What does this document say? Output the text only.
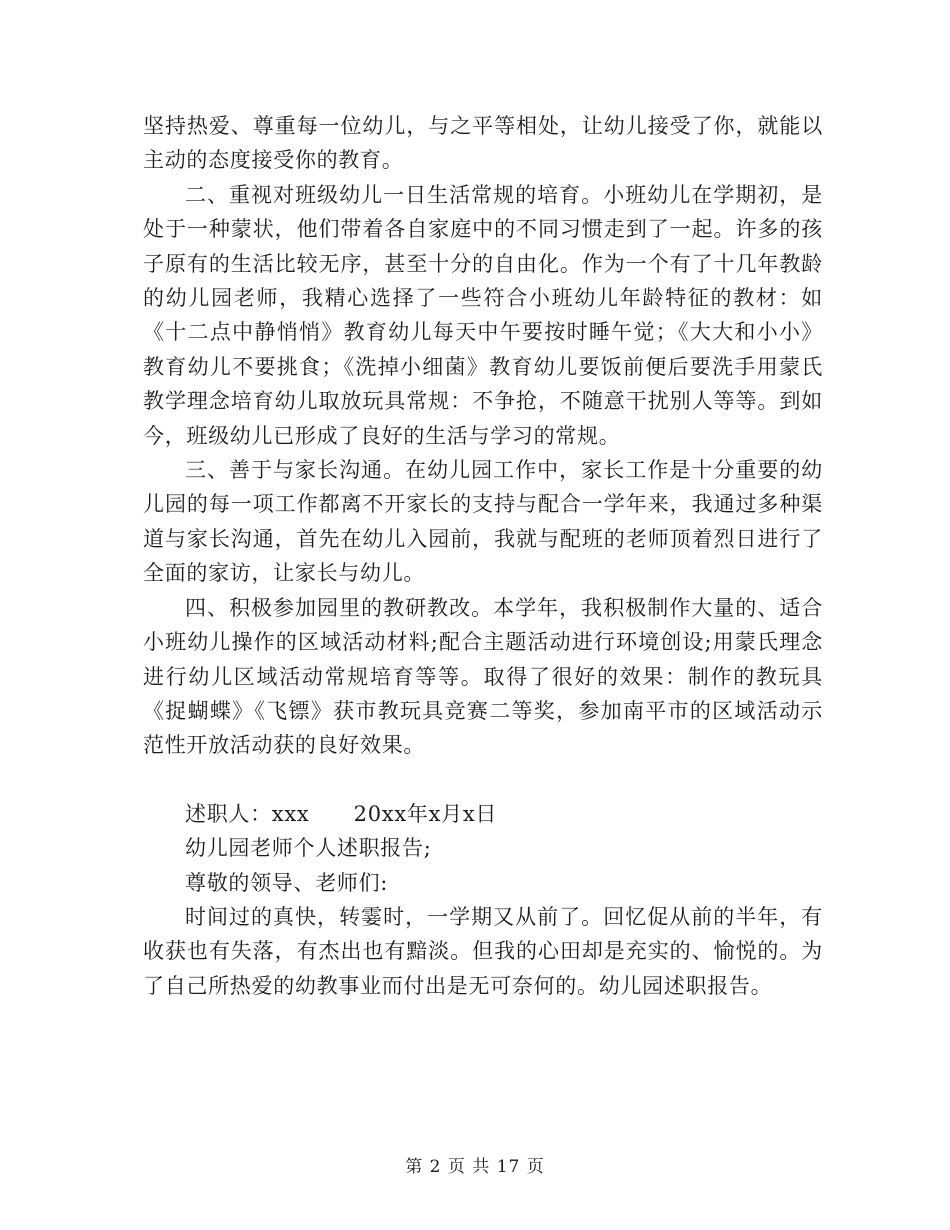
坚持热爱、尊重每一位幼儿，与之平等相处，让幼儿接受了你，就能以主动的态度接受你的教育。

二、重视对班级幼儿一日生活常规的培育。小班幼儿在学期初，是处于一种蒙状，他们带着各自家庭中的不同习惯走到了一起。许多的孩子原有的生活比较无序，甚至十分的自由化。作为一个有了十几年教龄的幼儿园老师，我精心选择了一些符合小班幼儿年龄特征的教材：如《十二点中静悄悄》教育幼儿每天中午要按时睡午觉；《大大和小小》教育幼儿不要挑食；《洗掉小细菌》教育幼儿要饭前便后要洗手用蒙氏教学理念培育幼儿取放玩具常规：不争抢，不随意干扰别人等等。到如今，班级幼儿已形成了良好的生活与学习的常规。

三、善于与家长沟通。在幼儿园工作中，家长工作是十分重要的幼儿园的每一项工作都离不开家长的支持与配合一学年来，我通过多种渠道与家长沟通，首先在幼儿入园前，我就与配班的老师顶着烈日进行了全面的家访，让家长与幼儿。

四、积极参加园里的教研教改。本学年，我积极制作大量的、适合小班幼儿操作的区域活动材料;配合主题活动进行环境创设;用蒙氏理念进行幼儿区域活动常规培育等等。取得了很好的效果：制作的教玩具《捉蝴蝶》《飞镖》获市教玩具竞赛二等奖，参加南平市的区域活动示范性开放活动获的良好效果。

述职人：xxx      20xx年x月x日

幼儿园老师个人述职报告;

尊敬的领导、老师们:

时间过的真快，转霎时，一学期又从前了。回忆促从前的半年，有收获也有失落，有杰出也有黯淡。但我的心田却是充实的、愉悦的。为了自己所热爱的幼教事业而付出是无可奈何的。幼儿园述职报告。

第 2 页 共 17 页
